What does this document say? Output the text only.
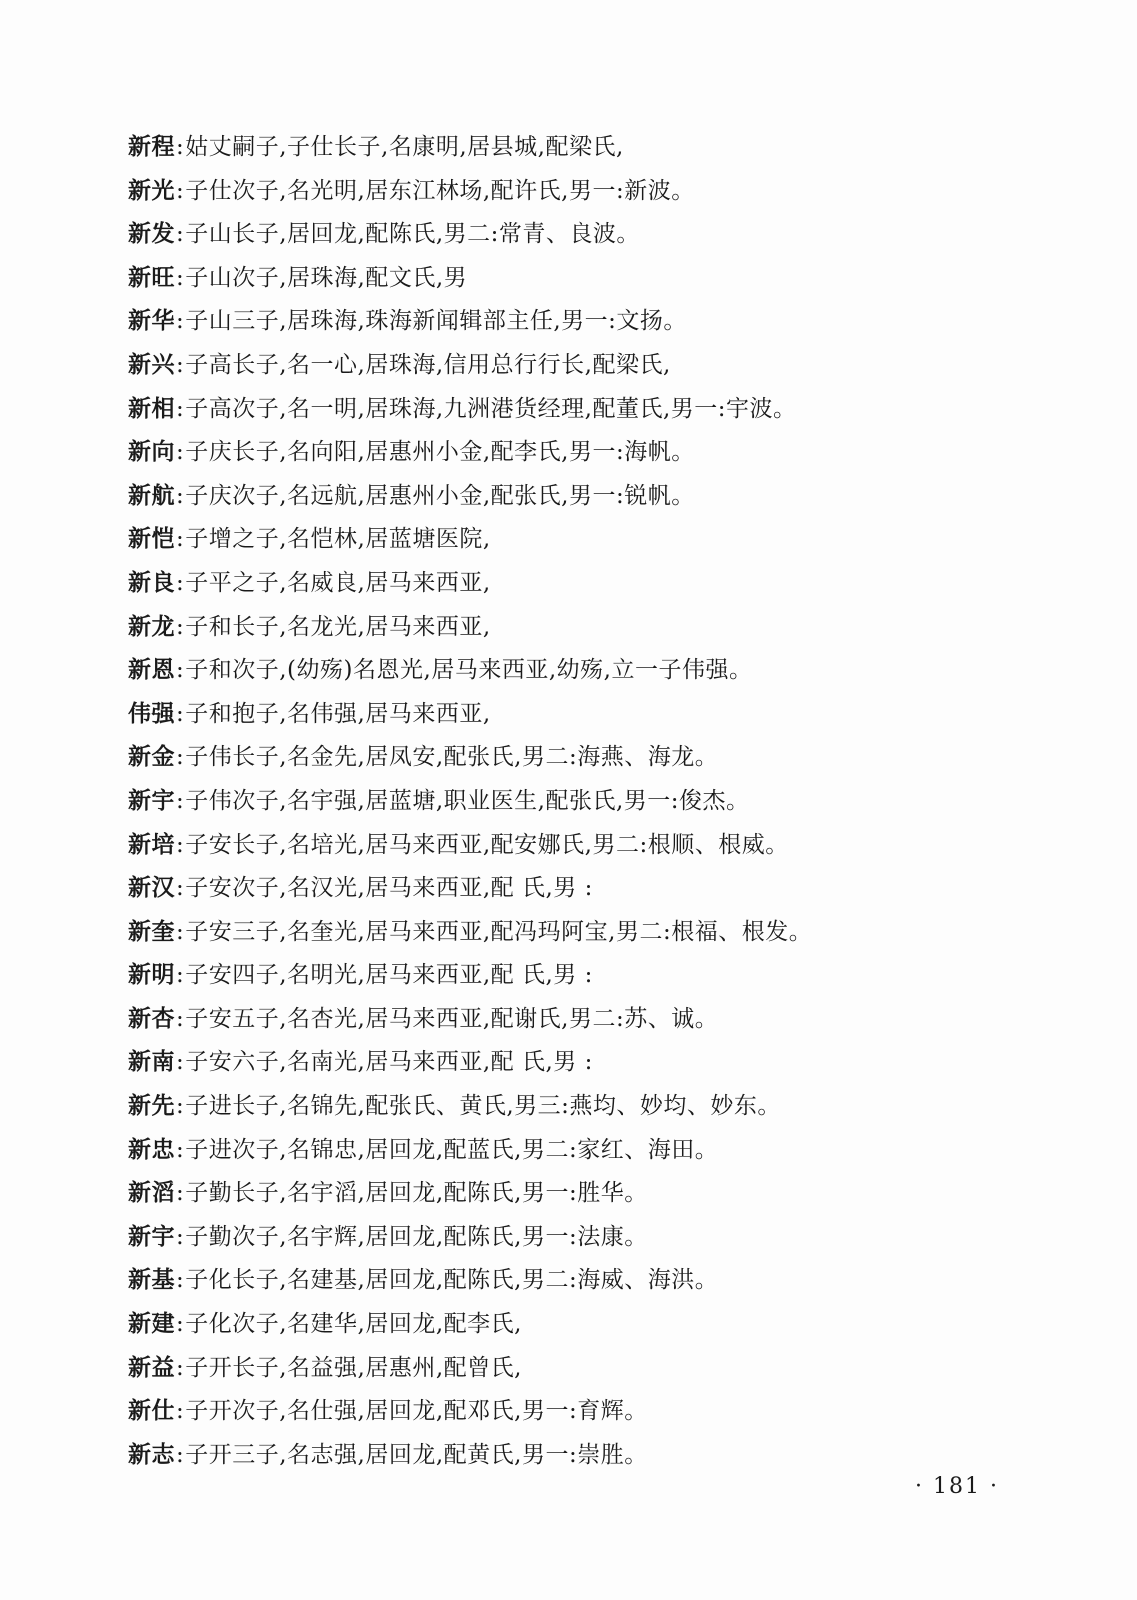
新程:姑丈嗣子,子仕长子,名康明,居县城,配梁氏,
新光:子仕次子,名光明,居东江林场,配许氏,男一:新波。
新发:子山长子,居回龙,配陈氏,男二:常青、良波。
新旺:子山次子,居珠海,配文氏,男
新华:子山三子,居珠海,珠海新闻辑部主任,男一:文扬。
新兴:子高长子,名一心,居珠海,信用总行行长,配梁氏,
新相:子高次子,名一明,居珠海,九洲港货经理,配董氏,男一:宇波。
新向:子庆长子,名向阳,居惠州小金,配李氏,男一:海帆。
新航:子庆次子,名远航,居惠州小金,配张氏,男一:锐帆。
新恺:子增之子,名恺林,居蓝塘医院,
新良:子平之子,名威良,居马来西亚,
新龙:子和长子,名龙光,居马来西亚,
新恩:子和次子,(幼殇)名恩光,居马来西亚,幼殇,立一子伟强。
伟强:子和抱子,名伟强,居马来西亚,
新金:子伟长子,名金先,居凤安,配张氏,男二:海燕、海龙。
新宇:子伟次子,名宇强,居蓝塘,职业医生,配张氏,男一:俊杰。
新培:子安长子,名培光,居马来西亚,配安娜氏,男二:根顺、根威。
新汉:子安次子,名汉光,居马来西亚,配 氏,男 :
新奎:子安三子,名奎光,居马来西亚,配冯玛阿宝,男二:根福、根发。
新明:子安四子,名明光,居马来西亚,配 氏,男 :
新杏:子安五子,名杏光,居马来西亚,配谢氏,男二:苏、诚。
新南:子安六子,名南光,居马来西亚,配 氏,男 :
新先:子进长子,名锦先,配张氏、黄氏,男三:燕均、妙均、妙东。
新忠:子进次子,名锦忠,居回龙,配蓝氏,男二:家红、海田。
新滔:子勤长子,名宇滔,居回龙,配陈氏,男一:胜华。
新宇:子勤次子,名宇辉,居回龙,配陈氏,男一:法康。
新基:子化长子,名建基,居回龙,配陈氏,男二:海威、海洪。
新建:子化次子,名建华,居回龙,配李氏,
新益:子开长子,名益强,居惠州,配曾氏,
新仕:子开次子,名仕强,居回龙,配邓氏,男一:育辉。
新志:子开三子,名志强,居回龙,配黄氏,男一:崇胜。
· 181 ·
